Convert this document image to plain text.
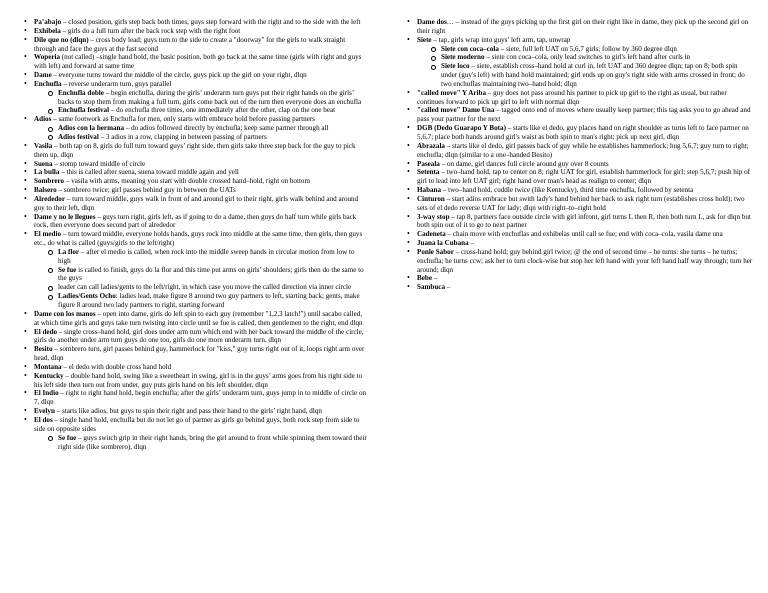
• Pa’abajo – closed position, girls step back both times, guys step forward with the right and to the side with the left
• Exhibela – girls do a full turn after the back rock step with the right foot
• Dile que no (dlqn) – cross body lead; guys turn to the side to create a "doorway" for the girls to walk straight through and face the guys at the fast second
• Woperia (not called) –single hand hold, the basic position, both go back at the same time (girls with right and guys with left) and forward at same time
• Dame – everyone turns toward the middle of the circle, guys pick up the girl on your right, dlqn
• Enchufla – reverse underarm turn, guys parallel
Enchufla doble – begin enchufla, during the girls’ underarm turn guys put their right hands on the girls’ backs to stop them from making a full turn, girls come back out of the turn then everyone does an enchufla
Enchufla festival – do enchufla three times, one immediately after the other, clap on the one beat
• Adios – same footwork as Enchufla for men, only starts with embrace hold before passing partners
Adios con la hermana – do adios followed directly by enchufla; keep same partner through all
Adios festival – 3 adios in a row, clapping in between passing of partners
• Vasila – both tap on 8, girls do full turn toward guys’ right side, then girls take three step back for the guy to pick them up, dlqn
• Suena – stomp toward middle of circle
• La bulla – this is called after suena, suena toward middle again and yell
• Sombrero – vasila with arms, meaning you start with double crossed hand–hold, right on bottom
• Balsero – sombrero twice; girl passes behind guy in between the UATs
• Alrededor – turn toward middle, guys walk in front of and around girl to their right, girls walk behind and around guy to their left, dlqn
• Dame y no le llegues – guys turn right, girls left, as if going to do a dame, then guys do half turn while girls back rock, then everyone does second part of alrededor
• El medio – turn toward middle, everyone holds hands, guys rock into middle at the same time, then girls, then guys etc., do what is called (guys/girls to the left/right)
La flor – after el medio is called, when rock into the middle sweep hands in circular motion from low to high
Se fue is called to finish, guys do la flor and this time put arms on girls’ shoulders; girls then do the same to the guys
leader can call ladies/gents to the left/right, in which case you move the called direction via inner circle
Ladies/Gents Ocho: ladies lead, make figure 8 around two guy partners to left, starting back; gents, make figure 8 around two lady partners to right, starting forward
• Dame con los manos – open into dame, girls do left spin to each guy (remember "1,2,3 latch!") until sacabo called, at which time girls and guys take turn twisting into circle until se fue is called, then gentlemen to the right, end dlqn
• El dedo – single cross–hand hold, girl does under arm turn which end with her back toward the middle of the circle, girls do another under arm turn guys do one too, girls do one more underarm turn, dlqn
• Besito – sombrero turn, girl passes behind guy, hammerlock for "kiss," guy turns right out of it, loops right arm over head, dlqn
• Montana – el dedo with double cross hand hold
• Kentucky – double hand hold, swing like a sweetheart in swing, girl is in the guys’ arms goes from his right side to his left side then turn out from under, guy puts girls hand on his left shoulder, dlqn
• El Indio – right to right hand hold, begin enchufla; after the girls’ underarm turn, guys jump in to middle of circle on 7, dlqn
• Evelyn – starts like adios, but guys to spin their right and pass their hand to the girls’ right hand, dlqn
• El dos – single hand hold, enchufla but do not let go of partner as girls go behind guys, both rock step from side to side on opposite sides
Se fue – guys switch grip in their right hands, bring the girl around to front while spinning them toward their right side (like sombrero), dlqn
• Dame dos… – instead of the guys picking up the first girl on their right like in dame, they pick up the second girl on their right
• Siete – tap, girls wrap into guys’ left arm, tap, unwrap
Siete con coca–cola – siete, full left UAT on 5,6,7 girls; follow by 360 degree dlqn
Siete moderno – siete con coca–cola, only lead switches to girl's left hand after curls in
Siete loco – siete, establish cross–hand hold at curl in, left UAT and 360 degree dlqn; tap on 8; both spin under (guy's left) with hand hold maintained; girl ends up on guy's right side with arms crossed in front; do two enchuflas maintaining two–hand hold; dlqn
• "called move" Y Ariba – guy does not pass around his partner to pick up girl to the right as usual, but rather continues forward to pick up girl to left with normal dlqn
• "called move" Dame Una – tagged onto end of moves where usually keep partner; this tag asks you to go ahead and pass your partner for the next
• DGB (Dedo Guarapo Y Bota) – starts like el dedo, guy places hand on right shoulder as turns left to face partner on 5,6,7; place both hands around girl's waist as both spin to man's right; pick up next girl, dlqn
• Abrazala – starts like el dedo, girl passes back of guy while he establishes hammerlock; hug 5,6,7; guy turn to right; enchufla; dlqn (similar to a one–handed Besito)
• Paseala – on dame, girl dances full circle around guy over 8 counts
• Setenta – two–hand hold, tap to center on 8; right UAT for girl, establish hammerlock for girl; step 5,6,7; push hip of girl to lead into left UAT girl; right hand over man's head as realign to center; dlqn
• Habana – two–hand hold, cuddle twice (like Kentucky), third time enchufla, followed by setenta
• Cinturon – start adios embrace but swith lady's hand behind her back to ask right turn (establishes cross hold); two sets of el dedo reverse UAT for lady; dlqn with right–to–right hold
• 3-way stop – tap 8, partners face outside circle with girl infront, girl turns L then R, then both turn L, ask for dlqn but both spin out of it to go to next partner
• Cadeneta – chain move with enchuflas and exhibelas until call se fue; end with coca–cola, vasila dame una
• Juana la Cubana –
• Ponle Sabor – cross-hand hold; guy behind girl twice; @ the end of second time – he turns: she turns – he turns; enchufla; he turns ccw; ask her to turn clock-wise but stop her left hand with your left hand half way through; turn her around; dlqn
• Bebe –
• Sambuca –
